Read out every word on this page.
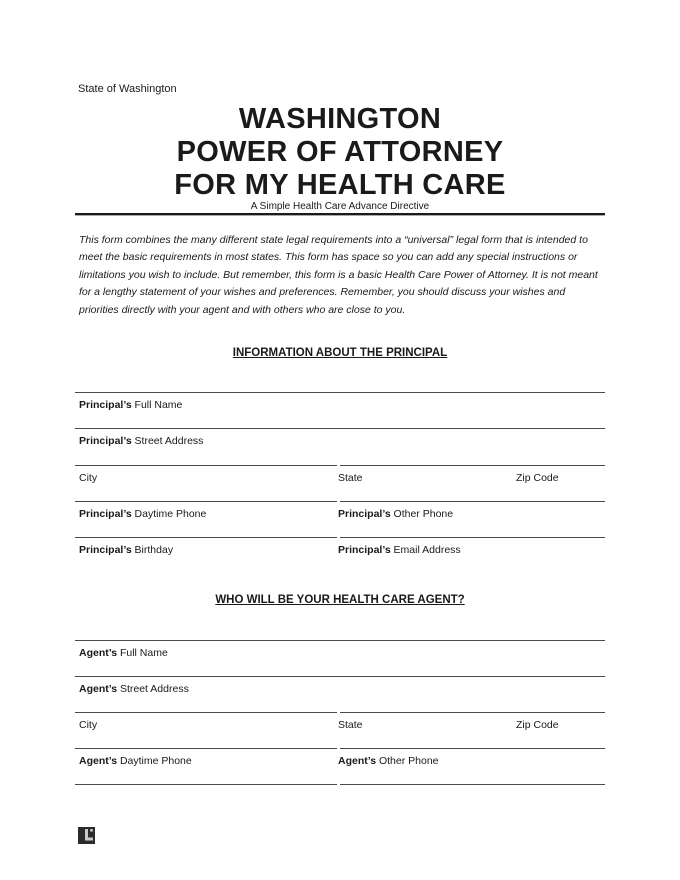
State of Washington
WASHINGTON
POWER OF ATTORNEY
FOR MY HEALTH CARE
A Simple Health Care Advance Directive

This form combines the many different state legal requirements into a “universal” legal form that is intended to meet the basic requirements in most states. This form has space so you can add any special instructions or limitations you wish to include. But remember, this form is a basic Health Care Power of Attorney. It is not meant for a lengthy statement of your wishes and preferences. Remember, you should discuss your wishes and priorities directly with your agent and with others who are close to you.

INFORMATION ABOUT THE PRINCIPAL
Principal’s Full Name
Principal’s Street Address
City	State	Zip Code
Principal’s Daytime Phone	Principal’s Other Phone
Principal’s Birthday	Principal’s Email Address
WHO WILL BE YOUR HEALTH CARE AGENT?
Agent’s Full Name
Agent’s Street Address
City	State	Zip Code
Agent’s Daytime Phone	Agent’s Other Phone
